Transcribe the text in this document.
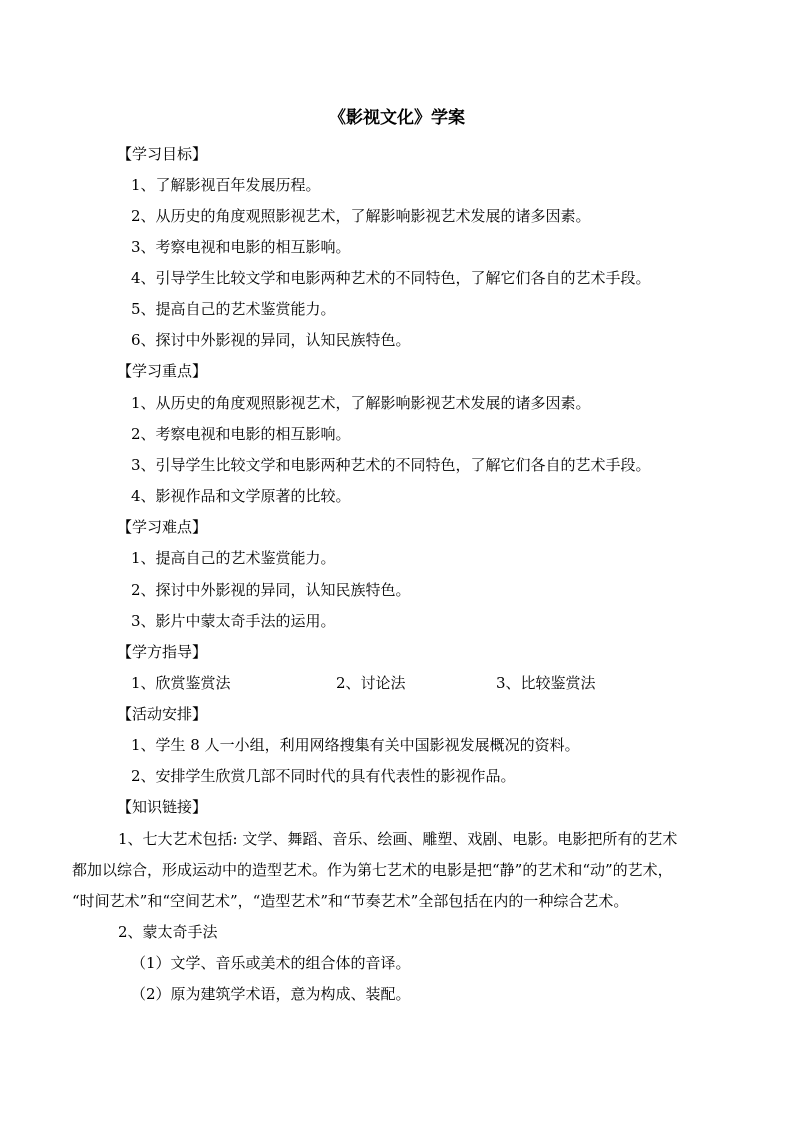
《影视文化》学案
【学习目标】
1、了解影视百年发展历程。
2、从历史的角度观照影视艺术，了解影响影视艺术发展的诸多因素。
3、考察电视和电影的相互影响。
4、引导学生比较文学和电影两种艺术的不同特色，了解它们各自的艺术手段。
5、提高自己的艺术鉴赏能力。
6、探讨中外影视的异同，认知民族特色。
【学习重点】
1、从历史的角度观照影视艺术，了解影响影视艺术发展的诸多因素。
2、考察电视和电影的相互影响。
3、引导学生比较文学和电影两种艺术的不同特色，了解它们各自的艺术手段。
4、影视作品和文学原著的比较。
【学习难点】
1、提高自己的艺术鉴赏能力。
2、探讨中外影视的异同，认知民族特色。
3、影片中蒙太奇手法的运用。
【学方指导】
1、欣赏鉴赏法	2、讨论法	3、比较鉴赏法
【活动安排】
1、学生 8 人一小组，利用网络搜集有关中国影视发展概况的资料。
2、安排学生欣赏几部不同时代的具有代表性的影视作品。
【知识链接】
1、七大艺术包括: 文学、舞蹈、音乐、绘画、雕塑、戏剧、电影。电影把所有的艺术
都加以综合，形成运动中的造型艺术。作为第七艺术的电影是把“静”的艺术和“动”的艺术，
“时间艺术”和“空间艺术”，“造型艺术”和“节奏艺术”全部包括在内的一种综合艺术。
2、蒙太奇手法
（1）文学、音乐或美术的组合体的音译。
（2）原为建筑学术语，意为构成、装配。
